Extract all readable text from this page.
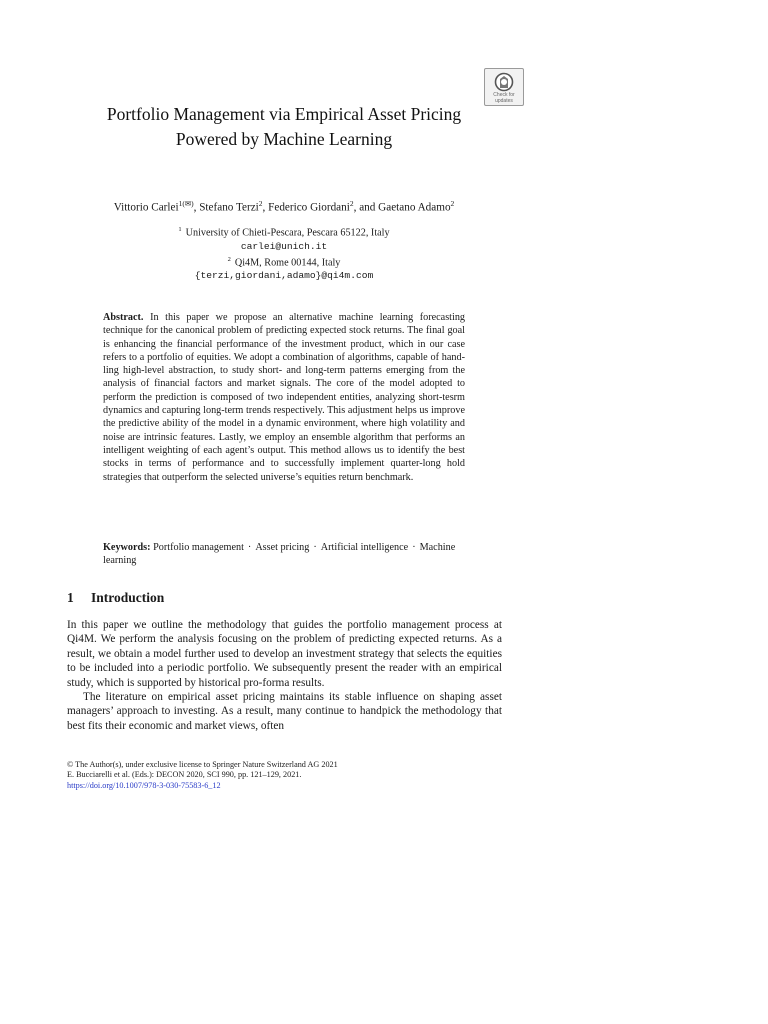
Check for updates
Portfolio Management via Empirical Asset Pricing Powered by Machine Learning
Vittorio Carlei$^{1(✉)}$, Stefano Terzi$^2$, Federico Giordani$^2$, and Gaetano Adamo$^2$
$^1$ University of Chieti-Pescara, Pescara 65122, Italy
carlei@unich.it
$^2$ Qi4M, Rome 00144, Italy
{terzi,giordani,adamo}@qi4m.com
Abstract. In this paper we propose an alternative machine learning forecasting technique for the canonical problem of predicting expected stock returns. The final goal is enhancing the financial performance of the investment product, which in our case refers to a portfolio of equities. We adopt a combination of algorithms, capable of hand-ling high-level abstraction, to study short- and long-term patterns emerging from the analysis of financial factors and market signals. The core of the model adopted to perform the prediction is composed of two independent entities, analyzing short-tesrm dynamics and capturing long-term trends respectively. This adjustment helps us improve the predictive ability of the model in a dynamic environment, where high volatility and noise are intrinsic features. Lastly, we employ an ensemble algorithm that performs an intelligent weighting of each agent’s output. This method allows us to identify the best stocks in terms of performance and to successfully implement quarter-long hold strategies that outperform the selected universe’s equities return benchmark.
Keywords: Portfolio management · Asset pricing · Artificial intelligence · Machine learning
1 Introduction

In this paper we outline the methodology that guides the portfolio management process at Qi4M. We perform the analysis focusing on the problem of predicting expected returns. As a result, we obtain a model further used to develop an investment strategy that selects the equities to be included into a periodic portfolio. We subsequently present the reader with an empirical study, which is supported by historical pro-forma results.

The literature on empirical asset pricing maintains its stable influence on shaping asset managers’ approach to investing. As a result, many continue to handpick the methodology that best fits their economic and market views, often

© The Author(s), under exclusive license to Springer Nature Switzerland AG 2021
E. Bucciarelli et al. (Eds.): DECON 2020, SCI 990, pp. 121–129, 2021.
https://doi.org/10.1007/978-3-030-75583-6_12
